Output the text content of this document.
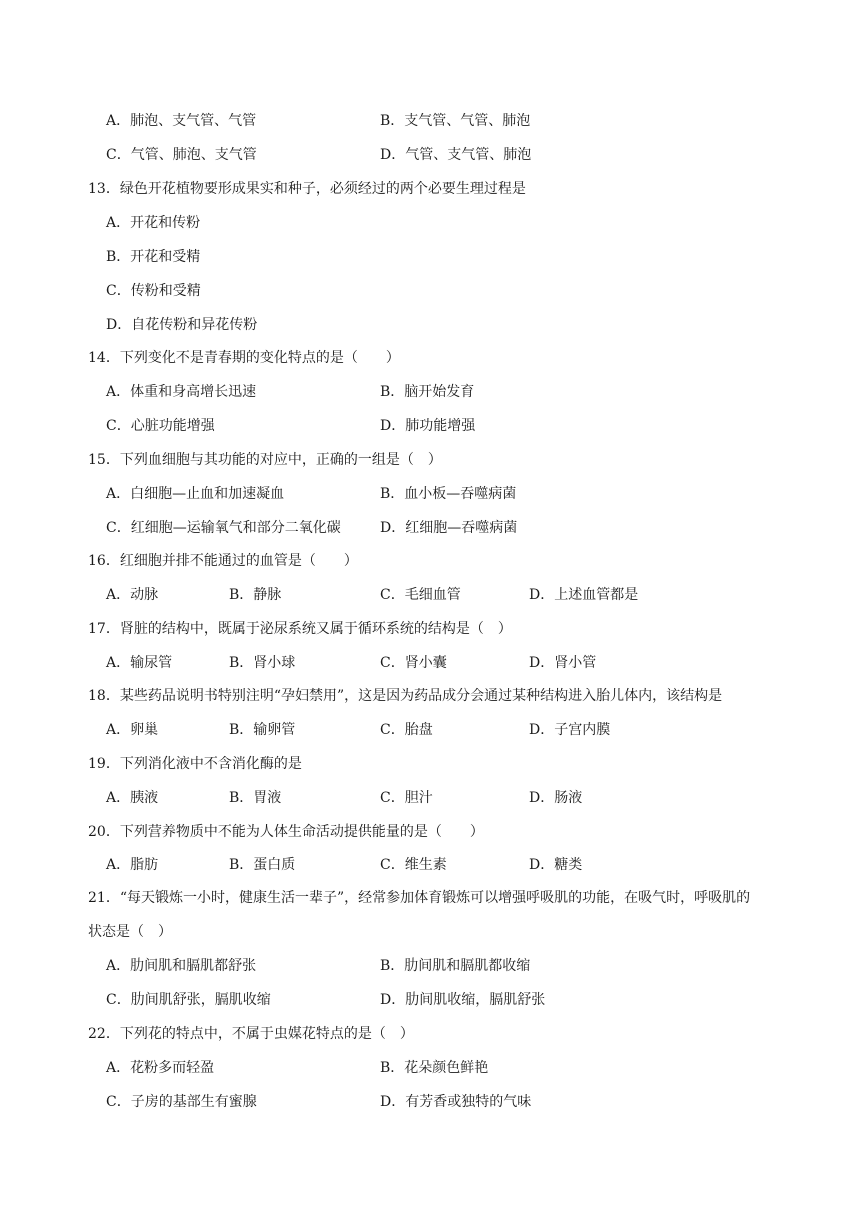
A．肺泡、支气管、气管	B．支气管、气管、肺泡
C．气管、肺泡、支气管	D．气管、支气管、肺泡
13．绿色开花植物要形成果实和种子，必须经过的两个必要生理过程是
A．开花和传粉
B．开花和受精
C．传粉和受精
D．自花传粉和异花传粉
14．下列变化不是青春期的变化特点的是（　　）
A．体重和身高增长迅速	B．脑开始发育
C．心脏功能增强	D．肺功能增强
15．下列血细胞与其功能的对应中，正确的一组是（　）
A．白细胞—止血和加速凝血	B．血小板—吞噬病菌
C．红细胞—运输氧气和部分二氧化碳	D．红细胞—吞噬病菌
16．红细胞并排不能通过的血管是（　　）
A．动脉	B．静脉	C．毛细血管	D．上述血管都是
17．肾脏的结构中，既属于泌尿系统又属于循环系统的结构是（　）
A．输尿管	B．肾小球	C．肾小囊	D．肾小管
18．某些药品说明书特别注明“孕妇禁用”，这是因为药品成分会通过某种结构进入胎儿体内，该结构是
A．卵巢	B．输卵管	C．胎盘	D．子宫内膜
19．下列消化液中不含消化酶的是
A．胰液	B．胃液	C．胆汁	D．肠液
20．下列营养物质中不能为人体生命活动提供能量的是（　　）
A．脂肪	B．蛋白质	C．维生素	D．糖类
21．“每天锻炼一小时，健康生活一辈子”，经常参加体育锻炼可以增强呼吸肌的功能，在吸气时，呼吸肌的
状态是（　）
A．肋间肌和膈肌都舒张	B．肋间肌和膈肌都收缩
C．肋间肌舒张，膈肌收缩	D．肋间肌收缩，膈肌舒张
22．下列花的特点中，不属于虫媒花特点的是（　）
A．花粉多而轻盈	B．花朵颜色鲜艳
C．子房的基部生有蜜腺	D．有芳香或独特的气味
